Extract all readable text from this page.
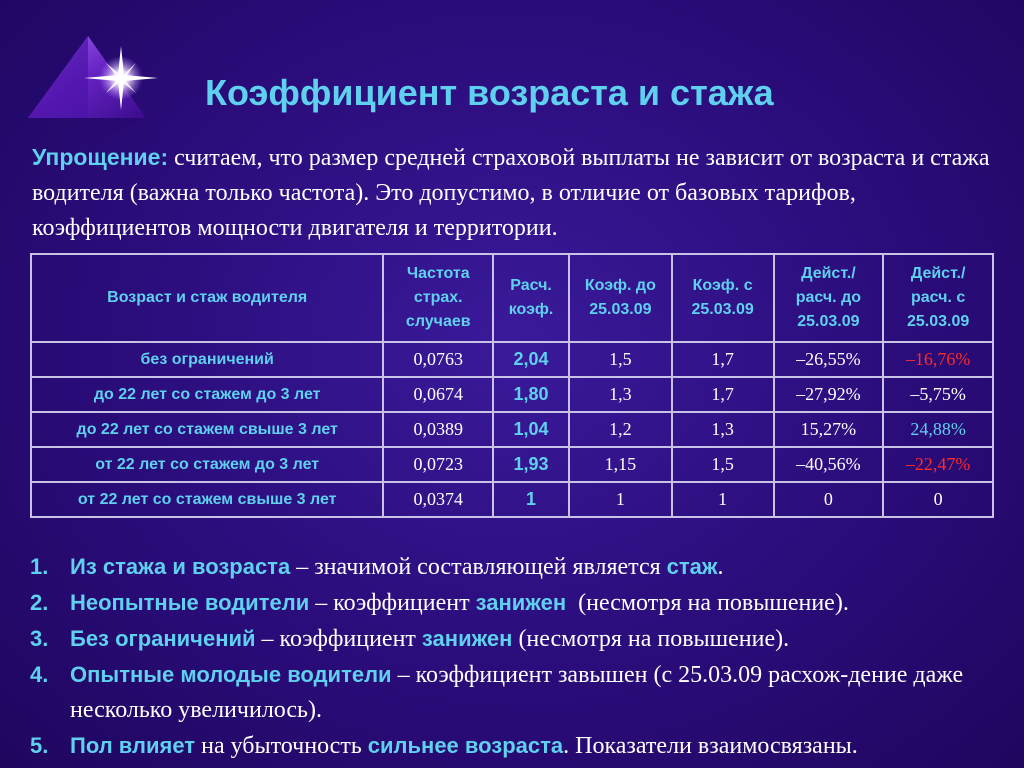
Коэффициент возраста и стажа
Упрощение: считаем, что размер средней страховой выплаты не зависит от возраста и стажа водителя (важна только частота). Это допустимо, в отличие от базовых тарифов, коэффициентов мощности двигателя и территории.
Возраст и стаж водителя	Частота страх. случаев	Расч. коэф.	Коэф. до 25.03.09	Коэф. с 25.03.09	Дейст./ расч. до 25.03.09	Дейст./ расч. с 25.03.09
без ограничений	0,0763	2,04	1,5	1,7	–26,55%	–16,76%
до 22 лет со стажем до 3 лет	0,0674	1,80	1,3	1,7	–27,92%	–5,75%
до 22 лет со стажем свыше 3 лет	0,0389	1,04	1,2	1,3	15,27%	24,88%
от 22 лет со стажем до 3 лет	0,0723	1,93	1,15	1,5	–40,56%	–22,47%
от 22 лет со стажем свыше 3 лет	0,0374	1	1	1	0	0
1. Из стажа и возраста – значимой составляющей является стаж.
2. Неопытные водители – коэффициент занижен  (несмотря на повышение).
3. Без ограничений – коэффициент занижен (несмотря на повышение).
4. Опытные молодые водители – коэффициент завышен (с 25.03.09 расхож-дение даже несколько увеличилось).
5. Пол влияет на убыточность сильнее возраста. Показатели взаимосвязаны.
